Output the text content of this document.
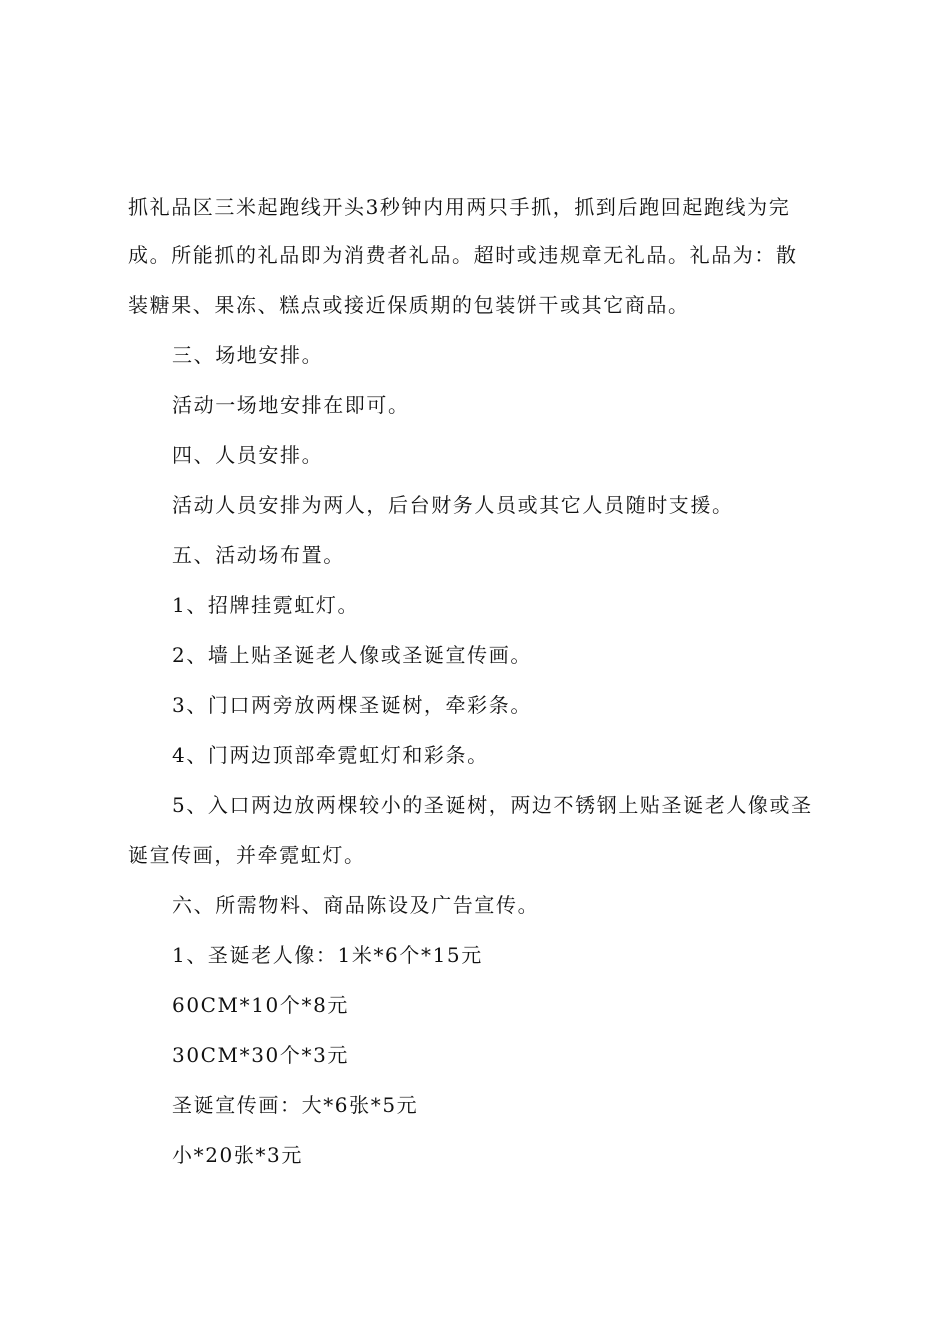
抓礼品区三米起跑线开头3秒钟内用两只手抓，抓到后跑回起跑线为完
成。所能抓的礼品即为消费者礼品。超时或违规章无礼品。礼品为：散
装糖果、果冻、糕点或接近保质期的包装饼干或其它商品。
三、场地安排。
活动一场地安排在即可。
四、人员安排。
活动人员安排为两人，后台财务人员或其它人员随时支援。
五、活动场布置。
1、招牌挂霓虹灯。
2、墙上贴圣诞老人像或圣诞宣传画。
3、门口两旁放两棵圣诞树，牵彩条。
4、门两边顶部牵霓虹灯和彩条。
5、入口两边放两棵较小的圣诞树，两边不锈钢上贴圣诞老人像或圣
诞宣传画，并牵霓虹灯。
六、所需物料、商品陈设及广告宣传。
1、圣诞老人像：1米*6个*15元
60CM*10个*8元
30CM*30个*3元
圣诞宣传画：大*6张*5元
小*20张*3元
